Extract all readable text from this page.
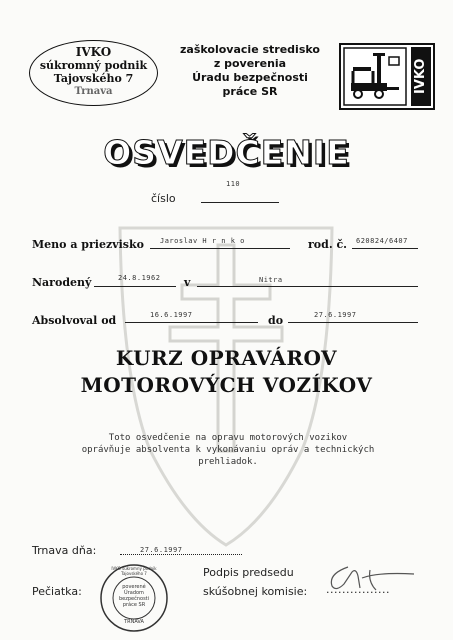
IVKO
súkromný podnik
Tajovského 7
Trnava
zaškolovacie stredisko
z poverenia
Úradu bezpečnosti
práce SR	IVKO
OSVEDČENIE
číslo
110
Meno a priezvisko Jaroslav H r n k o	rod. č. 620824/6407
Narodený	24.8.1962 v	Nitra
Absolvoval od	16.6.1997	do	27.6.1997
KURZ OPRAVÁROV
MOTOROVÝCH VOZÍKOV
Toto osvedčenie na opravu motorových vozikov
oprávňuje absolventa k vykonávaniu opráv a technických
prehliadok.
Trnava dňa:	27.6.1997
Pečiatka:
IVKO súkromný podnik Tajovského 7
poverené
Úradom
bezpečnosti
práce SR
TRNAVA
Podpis predsedu
skúšobnej komisie: ................
